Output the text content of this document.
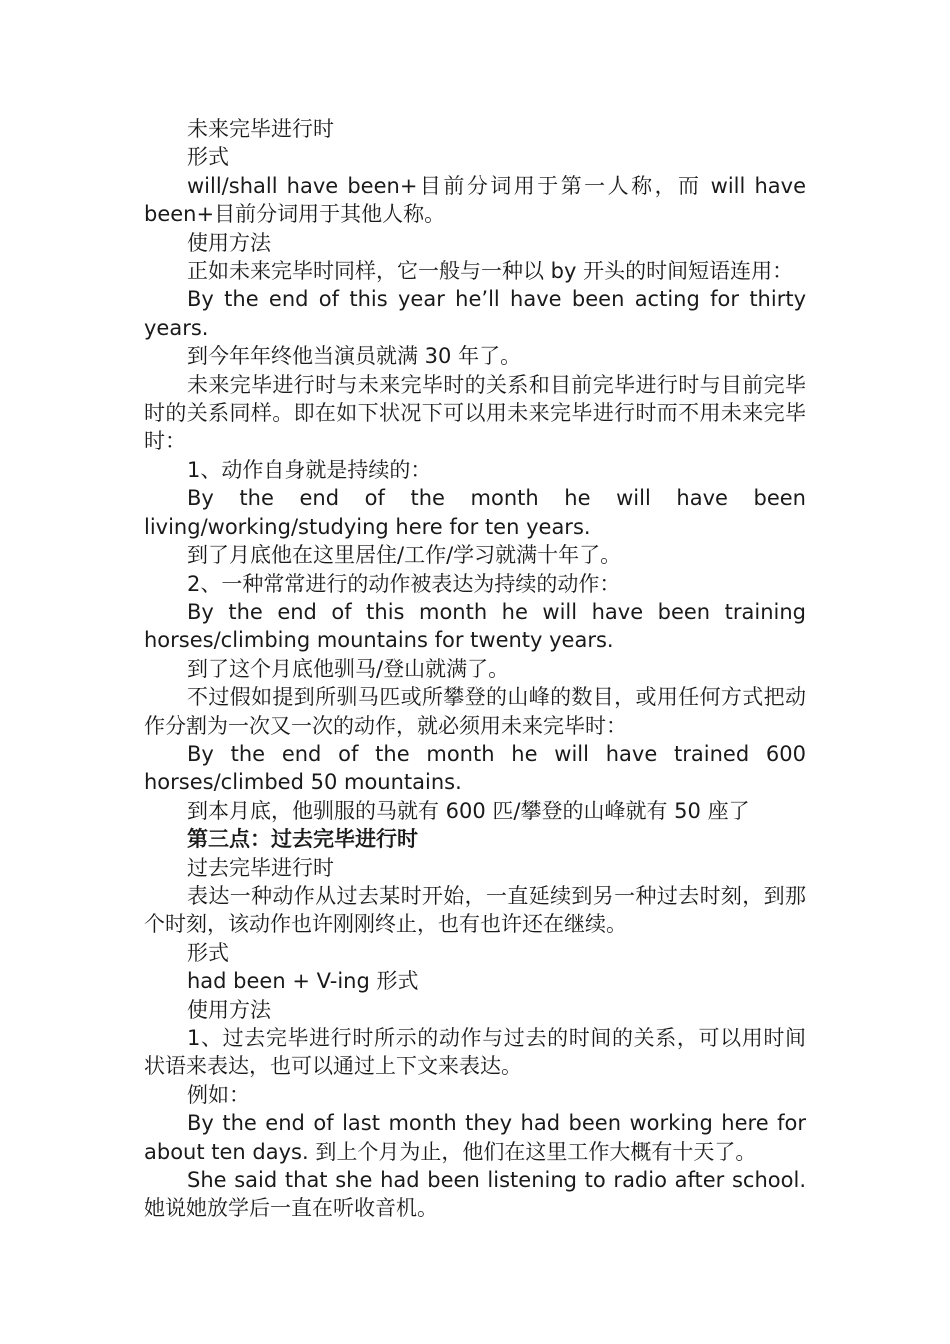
未来完毕进行时

形式

will/shall have been+目前分词用于第一人称，而 will have been+目前分词用于其他人称。

使用方法

正如未来完毕时同样，它一般与一种以 by 开头的时间短语连用：

By the end of this year he’ll have been acting for thirty years.

到今年年终他当演员就满 30 年了。

未来完毕进行时与未来完毕时的关系和目前完毕进行时与目前完毕时的关系同样。即在如下状况下可以用未来完毕进行时而不用未来完毕时：

1、动作自身就是持续的：

By the end of the month he will have been living/working/studying here for ten years.

到了月底他在这里居住/工作/学习就满十年了。

2、一种常常进行的动作被表达为持续的动作：

By the end of this month he will have been training horses/climbing mountains for twenty years.

到了这个月底他驯马/登山就满了。

不过假如提到所驯马匹或所攀登的山峰的数目，或用任何方式把动作分割为一次又一次的动作，就必须用未来完毕时：

By the end of the month he will have trained 600 horses/climbed 50 mountains.

到本月底，他驯服的马就有 600 匹/攀登的山峰就有 50 座了

第三点：过去完毕进行时

过去完毕进行时

表达一种动作从过去某时开始，一直延续到另一种过去时刻，到那个时刻，该动作也许刚刚终止，也有也许还在继续。

形式

had been + V-ing 形式

使用方法

1、过去完毕进行时所示的动作与过去的时间的关系，可以用时间状语来表达，也可以通过上下文来表达。

例如：

By the end of last month they had been working here for about ten days. 到上个月为止，他们在这里工作大概有十天了。

She said that she had been listening to radio after school. 她说她放学后一直在听收音机。
